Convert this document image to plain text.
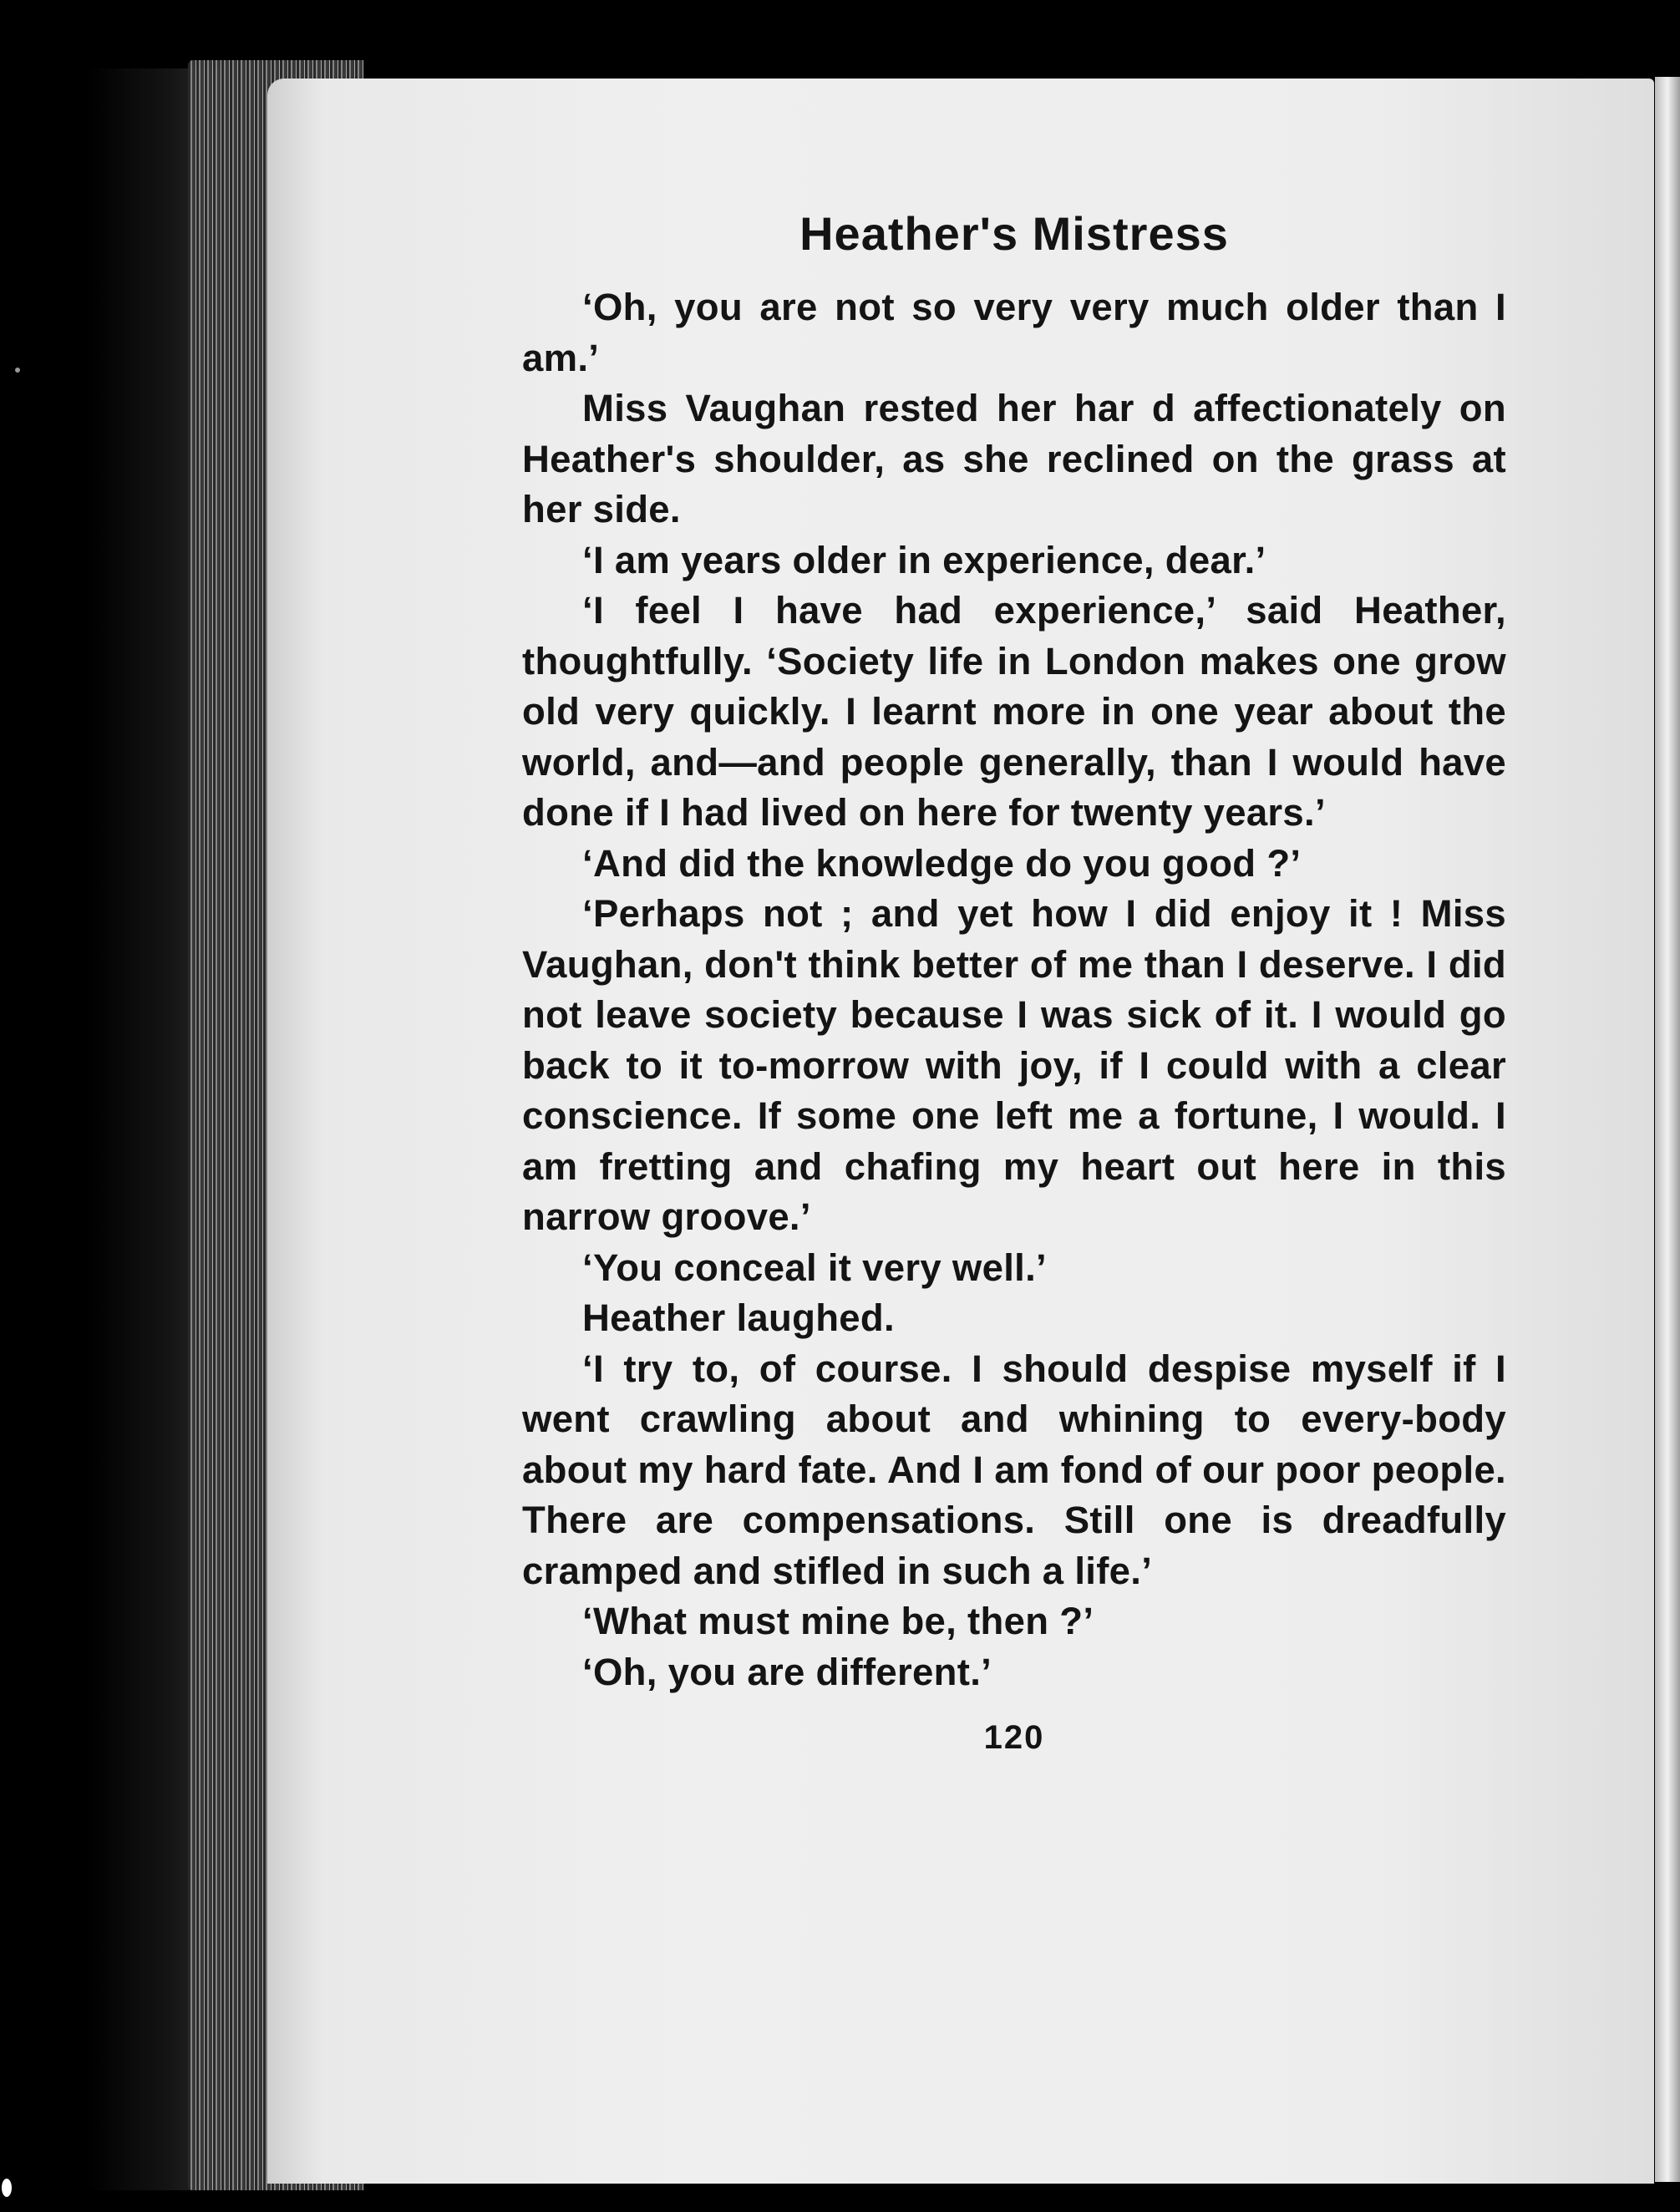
Heather's Mistress

‘Oh, you are not so very very much older than I am.’

Miss Vaughan rested her har d affectionately on Heather's shoulder, as she reclined on the grass at her side.

‘I am years older in experience, dear.’

‘I feel I have had experience,’ said Heather, thoughtfully. ‘Society life in London makes one grow old very quickly. I learnt more in one year about the world, and—and people generally, than I would have done if I had lived on here for twenty years.’

‘And did the knowledge do you good ?’

‘Perhaps not ; and yet how I did enjoy it ! Miss Vaughan, don't think better of me than I deserve. I did not leave society because I was sick of it. I would go back to it to-morrow with joy, if I could with a clear conscience. If some one left me a fortune, I would. I am fretting and chafing my heart out here in this narrow groove.’

‘You conceal it very well.’

Heather laughed.

‘I try to, of course. I should despise myself if I went crawling about and whining to every-body about my hard fate. And I am fond of our poor people. There are compensations. Still one is dreadfully cramped and stifled in such a life.’

‘What must mine be, then ?’

‘Oh, you are different.’

120
